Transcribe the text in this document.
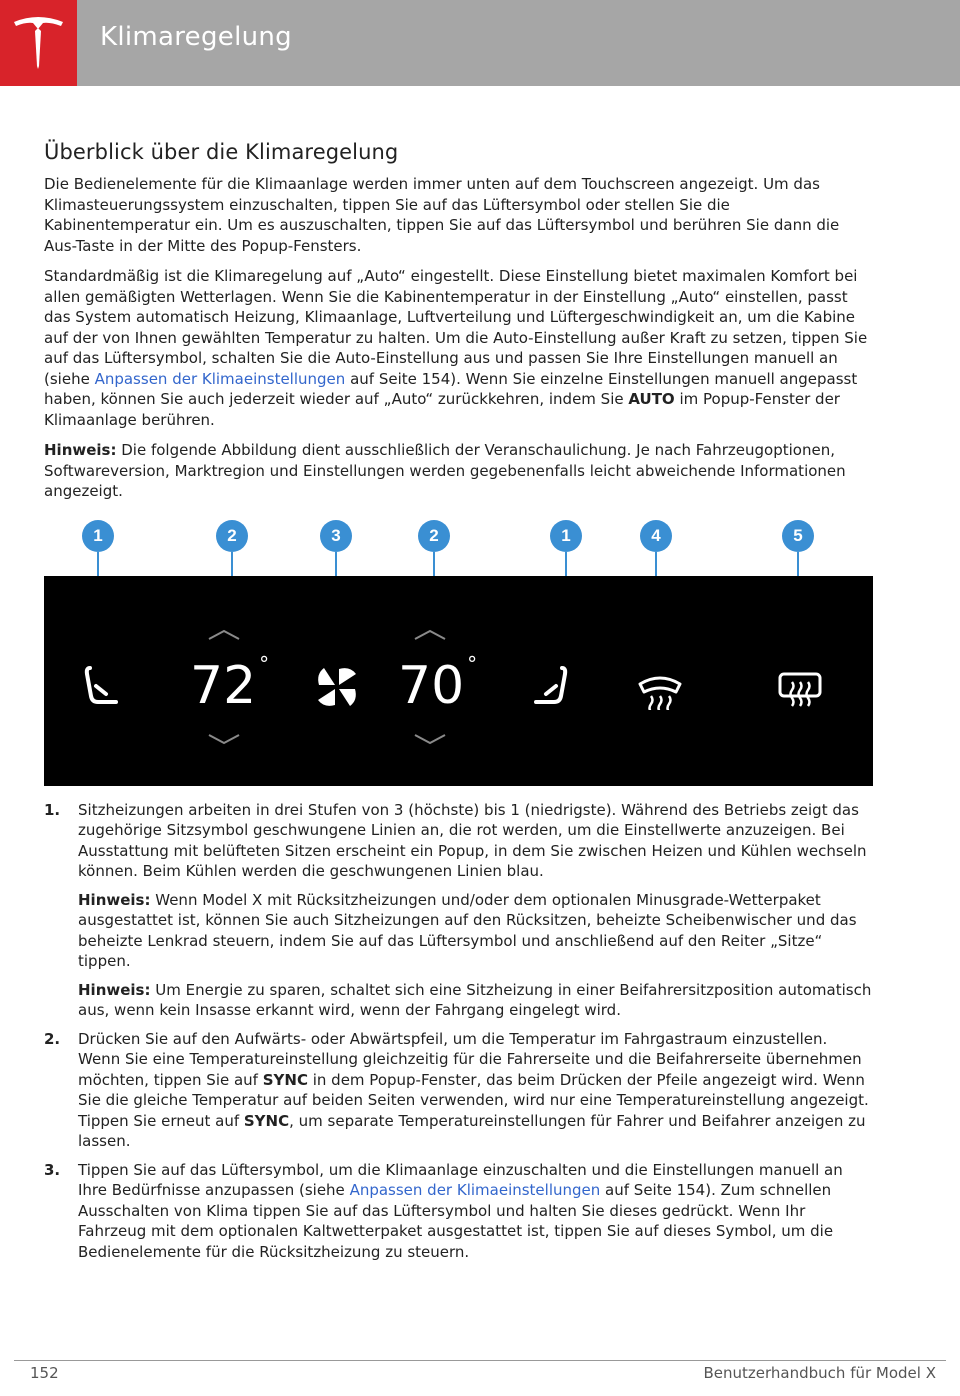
Klimaregelung
Überblick über die Klimaregelung

Die Bedienelemente für die Klimaanlage werden immer unten auf dem Touchscreen angezeigt. Um das Klimasteuerungssystem einzuschalten, tippen Sie auf das Lüftersymbol oder stellen Sie die Kabinentemperatur ein. Um es auszuschalten, tippen Sie auf das Lüftersymbol und berühren Sie dann die Aus-Taste in der Mitte des Popup-Fensters.

Standardmäßig ist die Klimaregelung auf „Auto“ eingestellt. Diese Einstellung bietet maximalen Komfort bei allen gemäßigten Wetterlagen. Wenn Sie die Kabinentemperatur in der Einstellung „Auto“ einstellen, passt das System automatisch Heizung, Klimaanlage, Luftverteilung und Lüftergeschwindigkeit an, um die Kabine auf der von Ihnen gewählten Temperatur zu halten. Um die Auto-Einstellung außer Kraft zu setzen, tippen Sie auf das Lüftersymbol, schalten Sie die Auto-Einstellung aus und passen Sie Ihre Einstellungen manuell an (siehe Anpassen der Klimaeinstellungen auf Seite 154). Wenn Sie einzelne Einstellungen manuell angepasst haben, können Sie auch jederzeit wieder auf „Auto“ zurückkehren, indem Sie AUTO im Popup-Fenster der Klimaanlage berühren.

Hinweis: Die folgende Abbildung dient ausschließlich der Veranschaulichung. Je nach Fahrzeugoptionen, Softwareversion, Marktregion und Einstellungen werden gegebenenfalls leicht abweichende Informationen angezeigt.

1	2	3	2	1	4	5
72 ° 70 °
1. Sitzheizungen arbeiten in drei Stufen von 3 (höchste) bis 1 (niedrigste). Während des Betriebs zeigt das zugehörige Sitzsymbol geschwungene Linien an, die rot werden, um die Einstellwerte anzuzeigen. Bei Ausstattung mit belüfteten Sitzen erscheint ein Popup, in dem Sie zwischen Heizen und Kühlen wechseln können. Beim Kühlen werden die geschwungenen Linien blau.

Hinweis: Wenn Model X mit Rücksitzheizungen und/oder dem optionalen Minusgrade-Wetterpaket ausgestattet ist, können Sie auch Sitzheizungen auf den Rücksitzen, beheizte Scheibenwischer und das beheizte Lenkrad steuern, indem Sie auf das Lüftersymbol und anschließend auf den Reiter „Sitze“ tippen.

Hinweis: Um Energie zu sparen, schaltet sich eine Sitzheizung in einer Beifahrersitzposition automatisch aus, wenn kein Insasse erkannt wird, wenn der Fahrgang eingelegt wird.

2. Drücken Sie auf den Aufwärts- oder Abwärtspfeil, um die Temperatur im Fahrgastraum einzustellen. Wenn Sie eine Temperatureinstellung gleichzeitig für die Fahrerseite und die Beifahrerseite übernehmen möchten, tippen Sie auf SYNC in dem Popup-Fenster, das beim Drücken der Pfeile angezeigt wird. Wenn Sie die gleiche Temperatur auf beiden Seiten verwenden, wird nur eine Temperatureinstellung angezeigt. Tippen Sie erneut auf SYNC, um separate Temperatureinstellungen für Fahrer und Beifahrer anzeigen zu lassen.

3. Tippen Sie auf das Lüftersymbol, um die Klimaanlage einzuschalten und die Einstellungen manuell an Ihre Bedürfnisse anzupassen (siehe Anpassen der Klimaeinstellungen auf Seite 154). Zum schnellen Ausschalten von Klima tippen Sie auf das Lüftersymbol und halten Sie dieses gedrückt. Wenn Ihr Fahrzeug mit dem optionalen Kaltwetterpaket ausgestattet ist, tippen Sie auf dieses Symbol, um die Bedienelemente für die Rücksitzheizung zu steuern.

152	Benutzerhandbuch für Model X
